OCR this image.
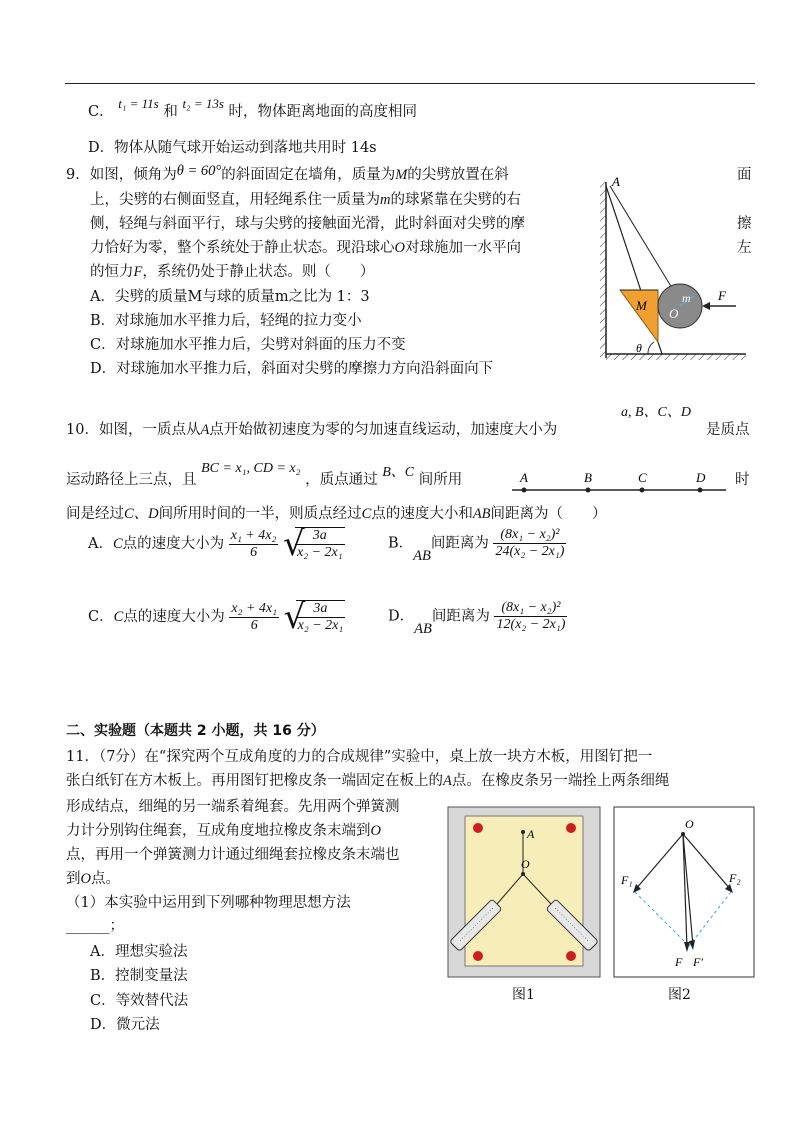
C． t₁ = 11s 和 t₂ = 13s 时，物体距离地面的高度相同
D．物体从随气球开始运动到落地共用时 14s
9．如图，倾角为θ = 60°的斜面固定在墙角，质量为M的尖劈放置在斜	面
上，尖劈的右侧面竖直，用轻绳系住一质量为m的球紧靠在尖劈的右
侧，轻绳与斜面平行，球与尖劈的接触面光滑，此时斜面对尖劈的摩	擦
力恰好为零，整个系统处于静止状态。现沿球心O对球施加一水平向	左
的恒力F，系统仍处于静止状态。则（　　）
A．尖劈的质量M与球的质量m之比为 1：3
B．对球施加水平推力后，轻绳的拉力变小
C．对球施加水平推力后，尖劈对斜面的压力不变
D．对球施加水平推力后，斜面对尖劈的摩擦力方向沿斜面向下
A
M	m
O
F
θ
a, B、C、D
10．如图，一质点从A点开始做初速度为零的匀加速直线运动，加速度大小为	是质点
运动路径上三点，且 BC = x₁, CD = x₂ ，质点通过 B、C 间所用	时
A	B	C	D
间是经过C、D间所用时间的一半，则质点经过C点的速度大小和AB间距离为（　　）
A．C点的速度大小为 $\frac{\text{x₁ + 4x₂}}{6}$
√
$\frac{3a}{\text{x₂ − 2x₁}}$	B．AB间距离为 $\frac{\text{(8x₁ − x₂)²}}{\text{24(x₂ − 2x₁)}}$
C．C点的速度大小为 $\frac{\text{x₂ + 4x₁}}{6}$
√
$\frac{3a}{\text{x₂ − 2x₁}}$	D．AB间距离为 $\frac{\text{(8x₁ − x₂)²}}{\text{12(x₂ − 2x₁)}}$
二、实验题（本题共 2 小题，共 16 分）
11．（7分）在“探究两个互成角度的力的合成规律”实验中，桌上放一块方木板，用图钉把一
张白纸钉在方木板上。再用图钉把橡皮条一端固定在板上的A点。在橡皮条另一端拴上两条细绳
形成结点，细绳的另一端系着绳套。先用两个弹簧测
力计分别钩住绳套，互成角度地拉橡皮条末端到O
点，再用一个弹簧测力计通过细绳套拉橡皮条末端也
到O点。
（1）本实验中运用到下列哪种物理思想方法
______；
A．理想实验法
B．控制变量法
C．等效替代法
D．微元法
A
O
图1
O
F₁	F₂
F F′
图2
